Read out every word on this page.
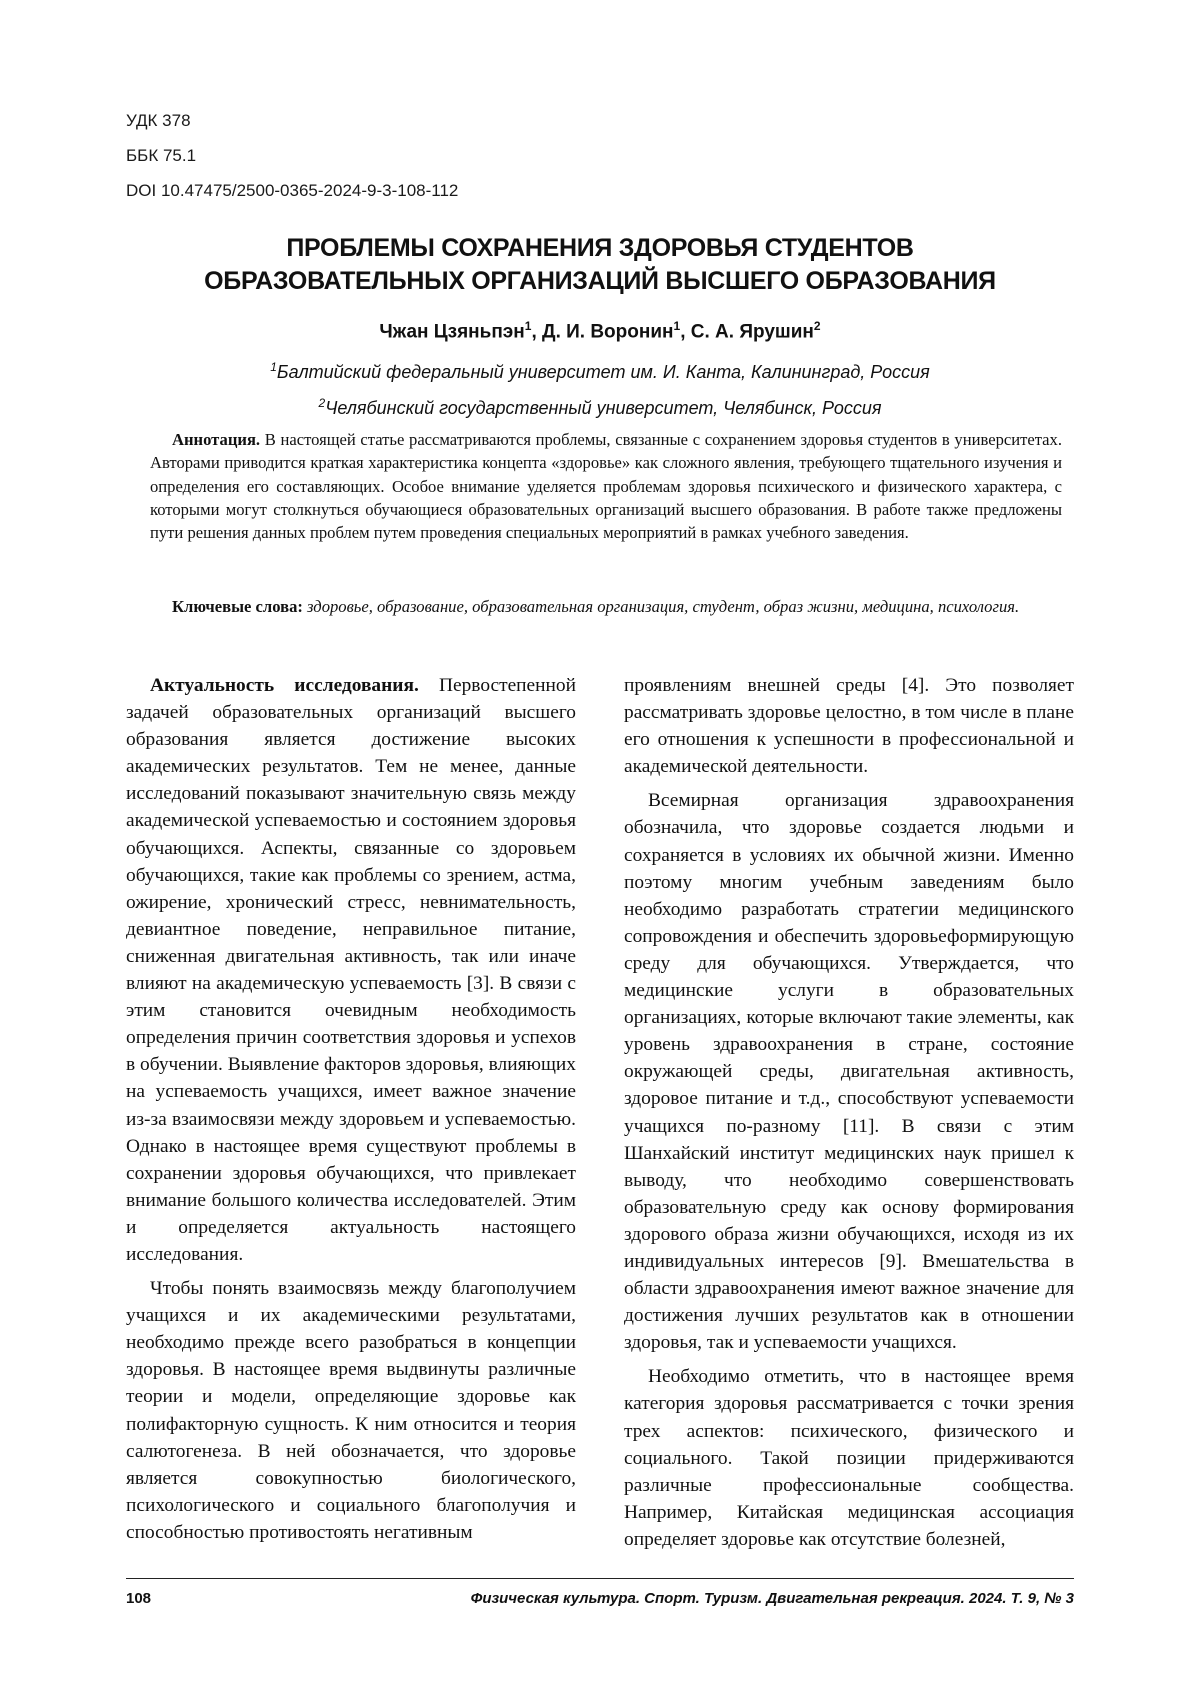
УДК 378
ББК 75.1
DOI 10.47475/2500-0365-2024-9-3-108-112
ПРОБЛЕМЫ СОХРАНЕНИЯ ЗДОРОВЬЯ СТУДЕНТОВ
ОБРАЗОВАТЕЛЬНЫХ ОРГАНИЗАЦИЙ ВЫСШЕГО ОБРАЗОВАНИЯ
Чжан Цзяньпэн$^1$, Д. И. Воронин$^1$, С. А. Ярушин$^2$
$^1$Балтийский федеральный университет им. И. Канта, Калининград, Россия
$^2$Челябинский государственный университет, Челябинск, Россия
Аннотация. В настоящей статье рассматриваются проблемы, связанные с сохранением здоровья студентов в университетах. Авторами приводится краткая характеристика концепта «здоровье» как сложного явления, требующего тщательного изучения и определения его составляющих. Особое внимание уделяется проблемам здоровья психического и физического характера, с которыми могут столкнуться обучающиеся образовательных организаций высшего образования. В работе также предложены пути решения данных проблем путем проведения специальных мероприятий в рамках учебного заведения.
Ключевые слова: здоровье, образование, образовательная организация, студент, образ жизни, медицина, психология.

Актуальность исследования. Первостепенной задачей образовательных организаций высшего образования является достижение высоких академических результатов. Тем не менее, данные исследований показывают значительную связь между академической успеваемостью и состоянием здоровья обучающихся. Аспекты, связанные со здоровьем обучающихся, такие как проблемы со зрением, астма, ожирение, хронический стресс, невнимательность, девиантное поведение, неправильное питание, сниженная двигательная активность, так или иначе влияют на академическую успеваемость [3]. В связи с этим становится очевидным необходимость определения причин соответствия здоровья и успехов в обучении. Выявление факторов здоровья, влияющих на успеваемость учащихся, имеет важное значение из-за взаимосвязи между здоровьем и успеваемостью. Однако в настоящее время существуют проблемы в сохранении здоровья обучающихся, что привлекает внимание большого количества исследователей. Этим и определяется актуальность настоящего исследования.

Чтобы понять взаимосвязь между благополучием учащихся и их академическими результатами, необходимо прежде всего разобраться в концепции здоровья. В настоящее время выдвинуты различные теории и модели, определяющие здоровье как полифакторную сущность. К ним относится и теория салютогенеза. В ней обозначается, что здоровье является совокупностью биологического, психологического и социального благополучия и способностью противостоять негативным

проявлениям внешней среды [4]. Это позволяет рассматривать здоровье целостно, в том числе в плане его отношения к успешности в профессиональной и академической деятельности.

Всемирная организация здравоохранения обозначила, что здоровье создается людьми и сохраняется в условиях их обычной жизни. Именно поэтому многим учебным заведениям было необходимо разработать стратегии медицинского сопровождения и обеспечить здоровьеформирующую среду для обучающихся. Утверждается, что медицинские услуги в образовательных организациях, которые включают такие элементы, как уровень здравоохранения в стране, состояние окружающей среды, двигательная активность, здоровое питание и т.д., способствуют успеваемости учащихся по-разному [11]. В связи с этим Шанхайский институт медицинских наук пришел к выводу, что необходимо совершенствовать образовательную среду как основу формирования здорового образа жизни обучающихся, исходя из их индивидуальных интересов [9]. Вмешательства в области здравоохранения имеют важное значение для достижения лучших результатов как в отношении здоровья, так и успеваемости учащихся.

Необходимо отметить, что в настоящее время категория здоровья рассматривается с точки зрения трех аспектов: психического, физического и социального. Такой позиции придерживаются различные профессиональные сообщества. Например, Китайская медицинская ассоциация определяет здоровье как отсутствие болезней,

108	Физическая культура. Спорт. Туризм. Двигательная рекреация. 2024. Т. 9, № 3
